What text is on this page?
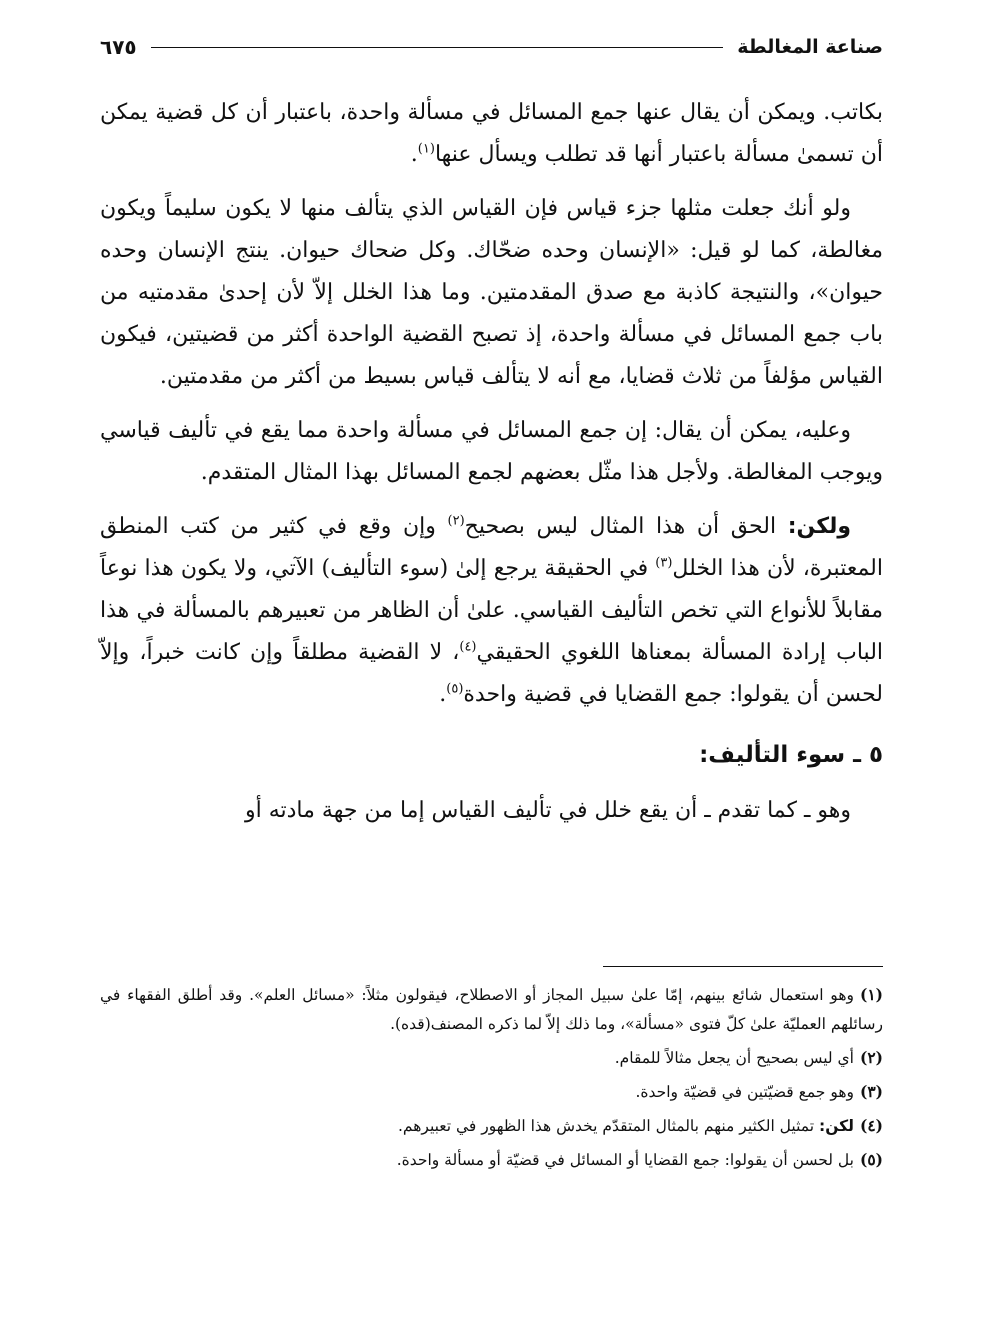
صناعة المغالطة
٦٧٥

بكاتب. ويمكن أن يقال عنها جمع المسائل في مسألة واحدة، باعتبار أن كل قضية يمكن أن تسمىٰ مسألة باعتبار أنها قد تطلب ويسأل عنها$^{(١)}$.

ولو أنك جعلت مثلها جزء قياس فإن القياس الذي يتألف منها لا يكون سليماً ويكون مغالطة، كما لو قيل: «الإنسان وحده ضحّاك. وكل ضحاك حيوان. ينتج الإنسان وحده حيوان»، والنتيجة كاذبة مع صدق المقدمتين. وما هذا الخلل إلاّ لأن إحدىٰ مقدمتيه من باب جمع المسائل في مسألة واحدة، إذ تصبح القضية الواحدة أكثر من قضيتين، فيكون القياس مؤلفاً من ثلاث قضايا، مع أنه لا يتألف قياس بسيط من أكثر من مقدمتين.

وعليه، يمكن أن يقال: إن جمع المسائل في مسألة واحدة مما يقع في تأليف قياسي ويوجب المغالطة. ولأجل هذا مثّل بعضهم لجمع المسائل بهذا المثال المتقدم.

ولكن: الحق أن هذا المثال ليس بصحيح$^{(٢)}$ وإن وقع في كثير من كتب المنطق المعتبرة، لأن هذا الخلل$^{(٣)}$ في الحقيقة يرجع إلىٰ (سوء التأليف) الآتي، ولا يكون هذا نوعاً مقابلاً للأنواع التي تخص التأليف القياسي. علىٰ أن الظاهر من تعبيرهم بالمسألة في هذا الباب إرادة المسألة بمعناها اللغوي الحقيقي$^{(٤)}$، لا القضية مطلقاً وإن كانت خبراً، وإلاّ لحسن أن يقولوا: جمع القضايا في قضية واحدة$^{(٥)}$.

٥ ـ سوء التأليف:

وهو ـ كما تقدم ـ أن يقع خلل في تأليف القياس إما من جهة مادته أو

(١)وهو استعمال شائع بينهم، إمّا علىٰ سبيل المجاز أو الاصطلاح، فيقولون مثلاً: «مسائل العلم». وقد أطلق الفقهاء في رسائلهم العمليّة علىٰ كلّ فتوى «مسألة»، وما ذلك إلاّ لما ذكره المصنف(قده).
(٢)أي ليس بصحيح أن يجعل مثالاً للمقام.
(٣)وهو جمع قضيّتين في قضيّة واحدة.
(٤)لكن: تمثيل الكثير منهم بالمثال المتقدّم يخدش هذا الظهور في تعبيرهم.
(٥)بل لحسن أن يقولوا: جمع القضايا أو المسائل في قضيّة أو مسألة واحدة.
